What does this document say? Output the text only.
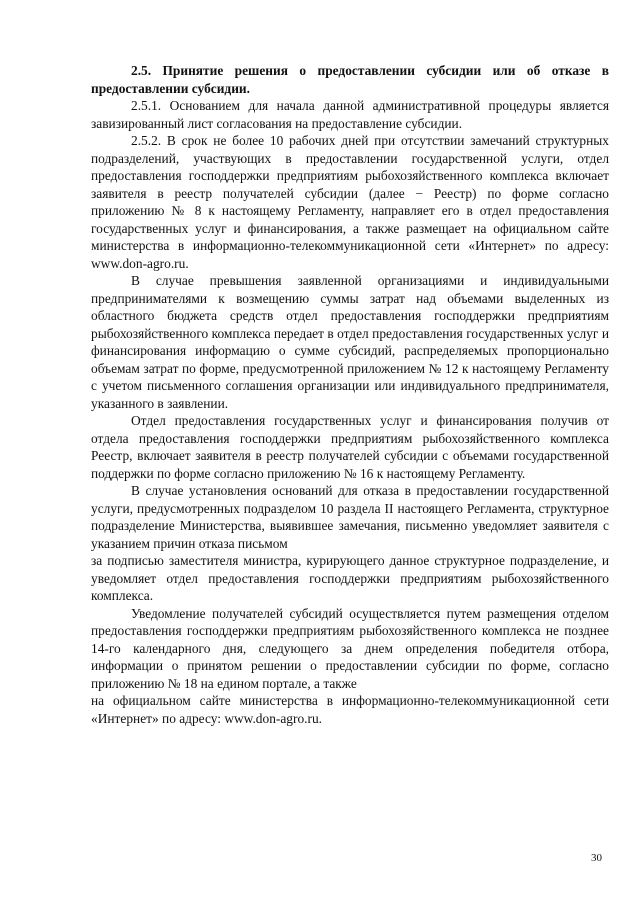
2.5. Принятие решения о предоставлении субсидии или об отказе в предоставлении субсидии.

2.5.1. Основанием для начала данной административной процедуры является завизированный лист согласования на предоставление субсидии.

2.5.2. В срок не более 10 рабочих дней при отсутствии замечаний структурных подразделений, участвующих в предоставлении государственной услуги, отдел предоставления господдержки предприятиям рыбохозяйственного комплекса включает заявителя в реестр получателей субсидии (далее − Реестр) по форме согласно приложению № 8 к настоящему Регламенту, направляет его в отдел предоставления государственных услуг и финансирования, а также размещает на официальном сайте министерства в информационно-телекоммуникационной сети «Интернет» по адресу: www.don-agro.ru.

В случае превышения заявленной организациями и индивидуальными предпринимателями к возмещению суммы затрат над объемами выделенных из областного бюджета средств отдел предоставления господдержки предприятиям рыбохозяйственного комплекса передает в отдел предоставления государственных услуг и финансирования информацию о сумме субсидий, распределяемых пропорционально объемам затрат по форме, предусмотренной приложением № 12 к настоящему Регламенту с учетом письменного соглашения организации или индивидуального предпринимателя, указанного в заявлении.

Отдел предоставления государственных услуг и финансирования получив от отдела предоставления господдержки предприятиям рыбохозяйственного комплекса Реестр, включает заявителя в реестр получателей субсидии с объемами государственной поддержки по форме согласно приложению № 16 к настоящему Регламенту.

В случае установления оснований для отказа в предоставлении государственной услуги, предусмотренных подразделом 10 раздела II настоящего Регламента, структурное подразделение Министерства, выявившее замечания, письменно уведомляет заявителя с указанием причин отказа письмом

за подписью заместителя министра, курирующего данное структурное подразделение, и уведомляет отдел предоставления господдержки предприятиям рыбохозяйственного комплекса.

Уведомление получателей субсидий осуществляется путем размещения отделом предоставления господдержки предприятиям рыбохозяйственного комплекса не позднее 14-го календарного дня, следующего за днем определения победителя отбора, информации о принятом решении о предоставлении субсидии по форме, согласно приложению № 18 на едином портале, а также

на официальном сайте министерства в информационно-телекоммуникационной сети «Интернет» по адресу: www.don-agro.ru.

30
